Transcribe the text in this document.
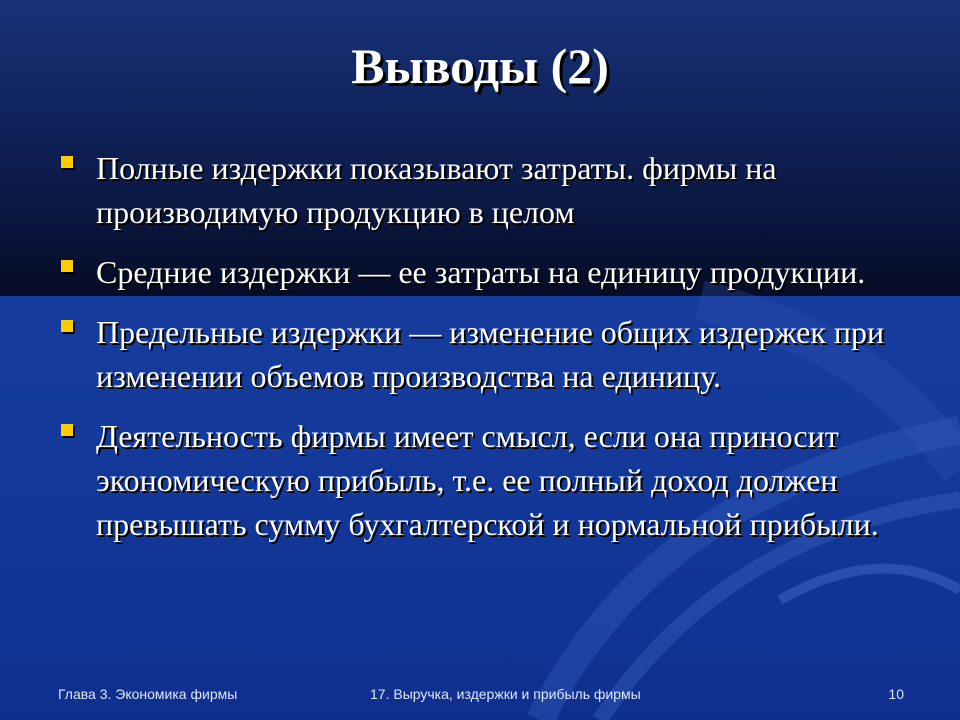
Выводы (2)
Полные издержки показывают затраты. фирмы на производимую продукцию в целом
Средние издержки — ее затраты на единицу продукции.
Предельные издержки — изменение общих издержек при изменении объемов производства на единицу.
Деятельность фирмы имеет смысл, если она приносит экономическую прибыль, т.е. ее полный доход должен превышать сумму бухгалтерской и нормальной прибыли.
Глава 3. Экономика фирмы	17. Выручка, издержки и прибыль фирмы	10
